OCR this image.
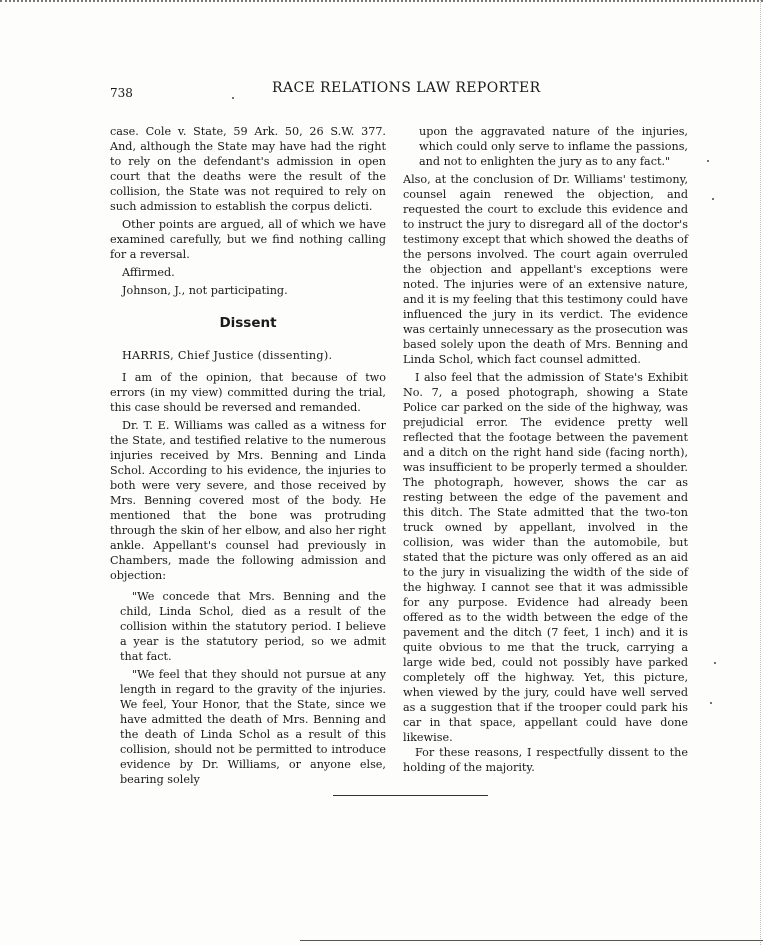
738	RACE RELATIONS LAW REPORTER

case. Cole v. State, 59 Ark. 50, 26 S.W. 377. And, although the State may have had the right to rely on the defendant's admission in open court that the deaths were the result of the collision, the State was not required to rely on such admission to establish the corpus delicti.

Other points are argued, all of which we have examined carefully, but we find nothing calling for a reversal.

Affirmed.

Johnson, J., not participating.

Dissent

HARRIS, Chief Justice (dissenting).

I am of the opinion, that because of two errors (in my view) committed during the trial, this case should be reversed and remanded.

Dr. T. E. Williams was called as a witness for the State, and testified relative to the numerous injuries received by Mrs. Benning and Linda Schol. According to his evidence, the injuries to both were very severe, and those received by Mrs. Benning covered most of the body. He mentioned that the bone was protruding through the skin of her elbow, and also her right ankle. Appellant's counsel had previously in Chambers, made the following admission and objection:

"We concede that Mrs. Benning and the child, Linda Schol, died as a result of the collision within the statutory period. I believe a year is the statutory period, so we admit that fact.

"We feel that they should not pursue at any length in regard to the gravity of the injuries. We feel, Your Honor, that the State, since we have admitted the death of Mrs. Benning and the death of Linda Schol as a result of this collision, should not be permitted to introduce evidence by Dr. Williams, or anyone else, bearing solely

upon the aggravated nature of the injuries, which could only serve to inflame the passions, and not to enlighten the jury as to any fact."

Also, at the conclusion of Dr. Williams' testimony, counsel again renewed the objection, and requested the court to exclude this evidence and to instruct the jury to disregard all of the doctor's testimony except that which showed the deaths of the persons involved. The court again overruled the objection and appellant's exceptions were noted. The injuries were of an extensive nature, and it is my feeling that this testimony could have influenced the jury in its verdict. The evidence was certainly unnecessary as the prosecution was based solely upon the death of Mrs. Benning and Linda Schol, which fact counsel admitted.

I also feel that the admission of State's Exhibit No. 7, a posed photograph, showing a State Police car parked on the side of the highway, was prejudicial error. The evidence pretty well reflected that the footage between the pavement and a ditch on the right hand side (facing north), was insufficient to be properly termed a shoulder. The photograph, however, shows the car as resting between the edge of the pavement and this ditch. The State admitted that the two-ton truck owned by appellant, involved in the collision, was wider than the automobile, but stated that the picture was only offered as an aid to the jury in visualizing the width of the side of the highway. I cannot see that it was admissible for any purpose. Evidence had already been offered as to the width between the edge of the pavement and the ditch (7 feet, 1 inch) and it is quite obvious to me that the truck, carrying a large wide bed, could not possibly have parked completely off the highway. Yet, this picture, when viewed by the jury, could have well served as a suggestion that if the trooper could park his car in that space, appellant could have done likewise.

For these reasons, I respectfully dissent to the holding of the majority.
